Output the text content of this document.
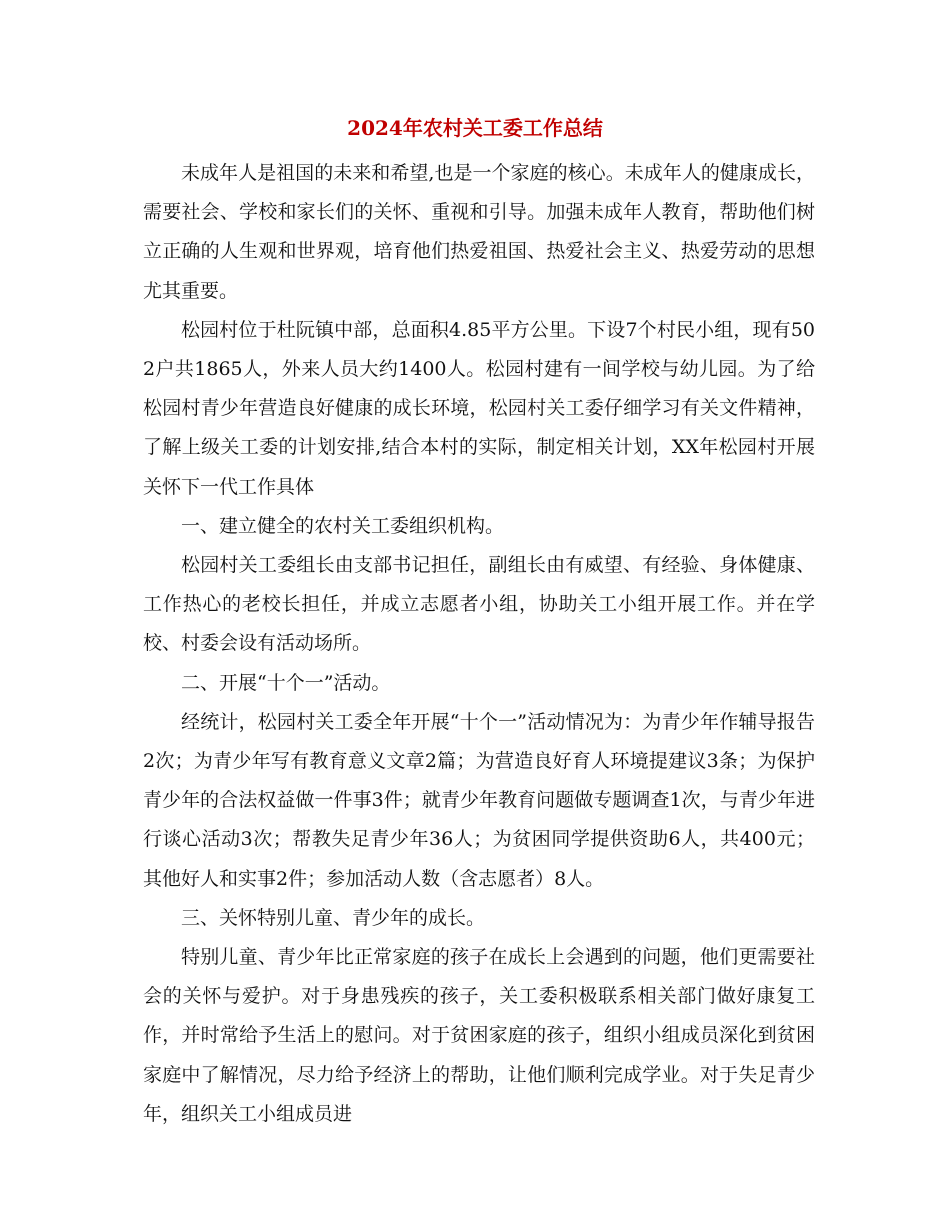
2024年农村关工委工作总结

未成年人是祖国的未来和希望,也是一个家庭的核心。未成年人的健康成长，需要社会、学校和家长们的关怀、重视和引导。加强未成年人教育，帮助他们树立正确的人生观和世界观，培育他们热爱祖国、热爱社会主义、热爱劳动的思想尤其重要。

松园村位于杜阮镇中部，总面积4.85平方公里。下设7个村民小组，现有502户共1865人，外来人员大约1400人。松园村建有一间学校与幼儿园。为了给松园村青少年营造良好健康的成长环境，松园村关工委仔细学习有关文件精神，了解上级关工委的计划安排,结合本村的实际，制定相关计划，XX年松园村开展关怀下一代工作具体

一、建立健全的农村关工委组织机构。

松园村关工委组长由支部书记担任，副组长由有威望、有经验、身体健康、工作热心的老校长担任，并成立志愿者小组，协助关工小组开展工作。并在学校、村委会设有活动场所。

二、开展“十个一”活动。

经统计，松园村关工委全年开展“十个一”活动情况为：为青少年作辅导报告2次；为青少年写有教育意义文章2篇；为营造良好育人环境提建议3条；为保护青少年的合法权益做一件事3件；就青少年教育问题做专题调查1次，与青少年进行谈心活动3次；帮教失足青少年36人；为贫困同学提供资助6人，共400元；其他好人和实事2件；参加活动人数（含志愿者）8人。

三、关怀特别儿童、青少年的成长。

特别儿童、青少年比正常家庭的孩子在成长上会遇到的问题，他们更需要社会的关怀与爱护。对于身患残疾的孩子，关工委积极联系相关部门做好康复工作，并时常给予生活上的慰问。对于贫困家庭的孩子，组织小组成员深化到贫困家庭中了解情况，尽力给予经济上的帮助，让他们顺利完成学业。对于失足青少年，组织关工小组成员进
